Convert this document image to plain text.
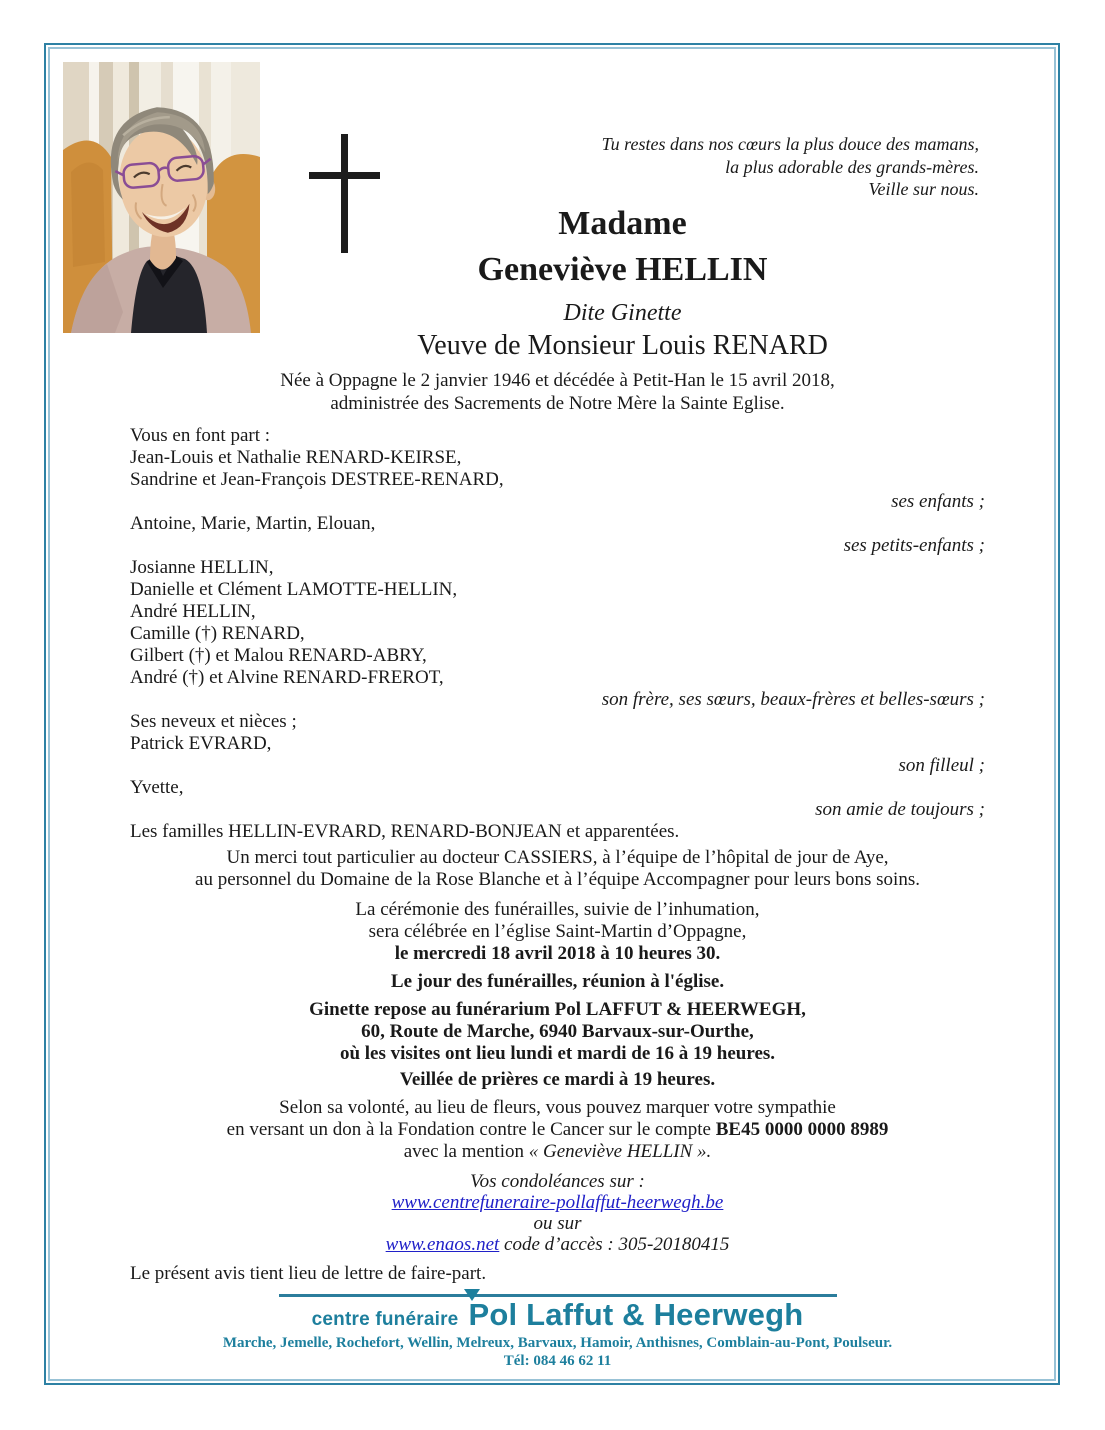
Tu restes dans nos cœurs la plus douce des mamans,
la plus adorable des grands-mères.
Veille sur nous.
Madame
Geneviève HELLIN
Dite Ginette
Veuve de Monsieur Louis RENARD
Née à Oppagne le 2 janvier 1946 et décédée à Petit-Han le 15 avril 2018,
administrée des Sacrements de Notre Mère la Sainte Eglise.
Vous en font part :
Jean-Louis et Nathalie RENARD-KEIRSE,
Sandrine et Jean-François DESTREE-RENARD,
ses enfants ;
Antoine, Marie, Martin, Elouan,
ses petits-enfants ;
Josianne HELLIN,
Danielle et Clément LAMOTTE-HELLIN,
André HELLIN,
Camille (†) RENARD,
Gilbert (†) et Malou RENARD-ABRY,
André (†) et Alvine RENARD-FREROT,
son frère, ses sœurs, beaux-frères et belles-sœurs ;
Ses neveux et nièces ;
Patrick EVRARD,
son filleul ;
Yvette,
son amie de toujours ;
Les familles HELLIN-EVRARD, RENARD-BONJEAN et apparentées.
Un merci tout particulier au docteur CASSIERS, à l’équipe de l’hôpital de jour de Aye,
au personnel du Domaine de la Rose Blanche et à l’équipe Accompagner pour leurs bons soins.
La cérémonie des funérailles, suivie de l’inhumation,
sera célébrée en l’église Saint-Martin d’Oppagne,
le mercredi 18 avril 2018 à 10 heures 30.
Le jour des funérailles, réunion à l'église.
Ginette repose au funérarium Pol LAFFUT & HEERWEGH,
60, Route de Marche, 6940 Barvaux-sur-Ourthe,
où les visites ont lieu lundi et mardi de 16 à 19 heures.
Veillée de prières ce mardi à 19 heures.
Selon sa volonté, au lieu de fleurs, vous pouvez marquer votre sympathie
en versant un don à la Fondation contre le Cancer sur le compte BE45 0000 0000 8989
avec la mention « Geneviève HELLIN ».
Vos condoléances sur :
www.centrefuneraire-pollaffut-heerwegh.be
ou sur
www.enaos.net code d’accès : 305-20180415
Le présent avis tient lieu de lettre de faire-part.
centre funéraire Pol Laffut & Heerwegh
Marche, Jemelle, Rochefort, Wellin, Melreux, Barvaux, Hamoir, Anthisnes, Comblain-au-Pont, Poulseur.
Tél: 084 46 62 11
